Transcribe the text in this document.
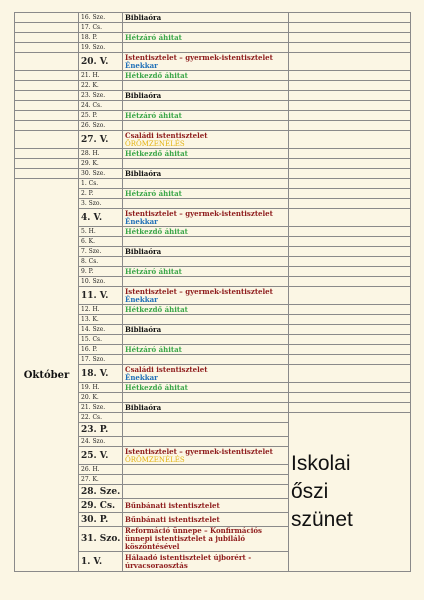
	16. Sze.	Bibliaóra	

	17. Cs.		
	18. P.	Hétzáró áhitat	

	19. Szo.		
	20. V.	Istentisztelet – gyermek-istentisztelet
Énekkar	

	21. H.	Hétkezdő áhitat	

	22. K.		
	23. Sze.	Bibliaóra	

	24. Cs.		
	25. P.	Hétzáró áhitat	

	26. Szo.		
	27. V.	Családi istentisztelet
ÖRÖMZENÉLÉS	

	28. H.	Hétkezdő áhitat	

	29. K.		
	30. Sze.	Bibliaóra	

Október	1. Cs.		
	2. P.	Hétzáró áhitat	

	3. Szo.		
	4. V.	Istentisztelet – gyermek-istentisztelet
Énekkar	

	5. H.	Hétkezdő áhitat	

	6. K.		
	7. Sze.	Bibliaóra	

	8. Cs.		
	9. P.	Hétzáró áhitat	

	10. Szo.		
	11. V.	Istentisztelet – gyermek-istentisztelet
Énekkar	

	12. H.	Hétkezdő áhitat	

	13. K.		
	14. Sze.	Bibliaóra	

	15. Cs.		
	16. P.	Hétzáró áhitat	

	17. Szo.		
	18. V.	Családi istentisztelet
Énekkar	

	19. H.	Hétkezdő áhitat	

	20. K.		
	21. Sze.	Bibliaóra	

	22. Cs.		Iskolai
őszi
szünet

	23. P.		
	24. Szo.		
	25. V.	Istentisztelet – gyermek-istentisztelet
ÖRÖMZENÉLÉS	

	26. H.		
	27. K.		
	28. Sze.		
	29. Cs.	Bűnbánati istentisztelet	

	30. P.	Bűnbánati istentisztelet	

	31. Szo.	Reformáció ünnepe – Konfirmációs ünnepi istentisztelet a jubiláló köszöntésével	

	1. V.	Hálaadó istentisztelet újborért - úrvacsoraosztás	
